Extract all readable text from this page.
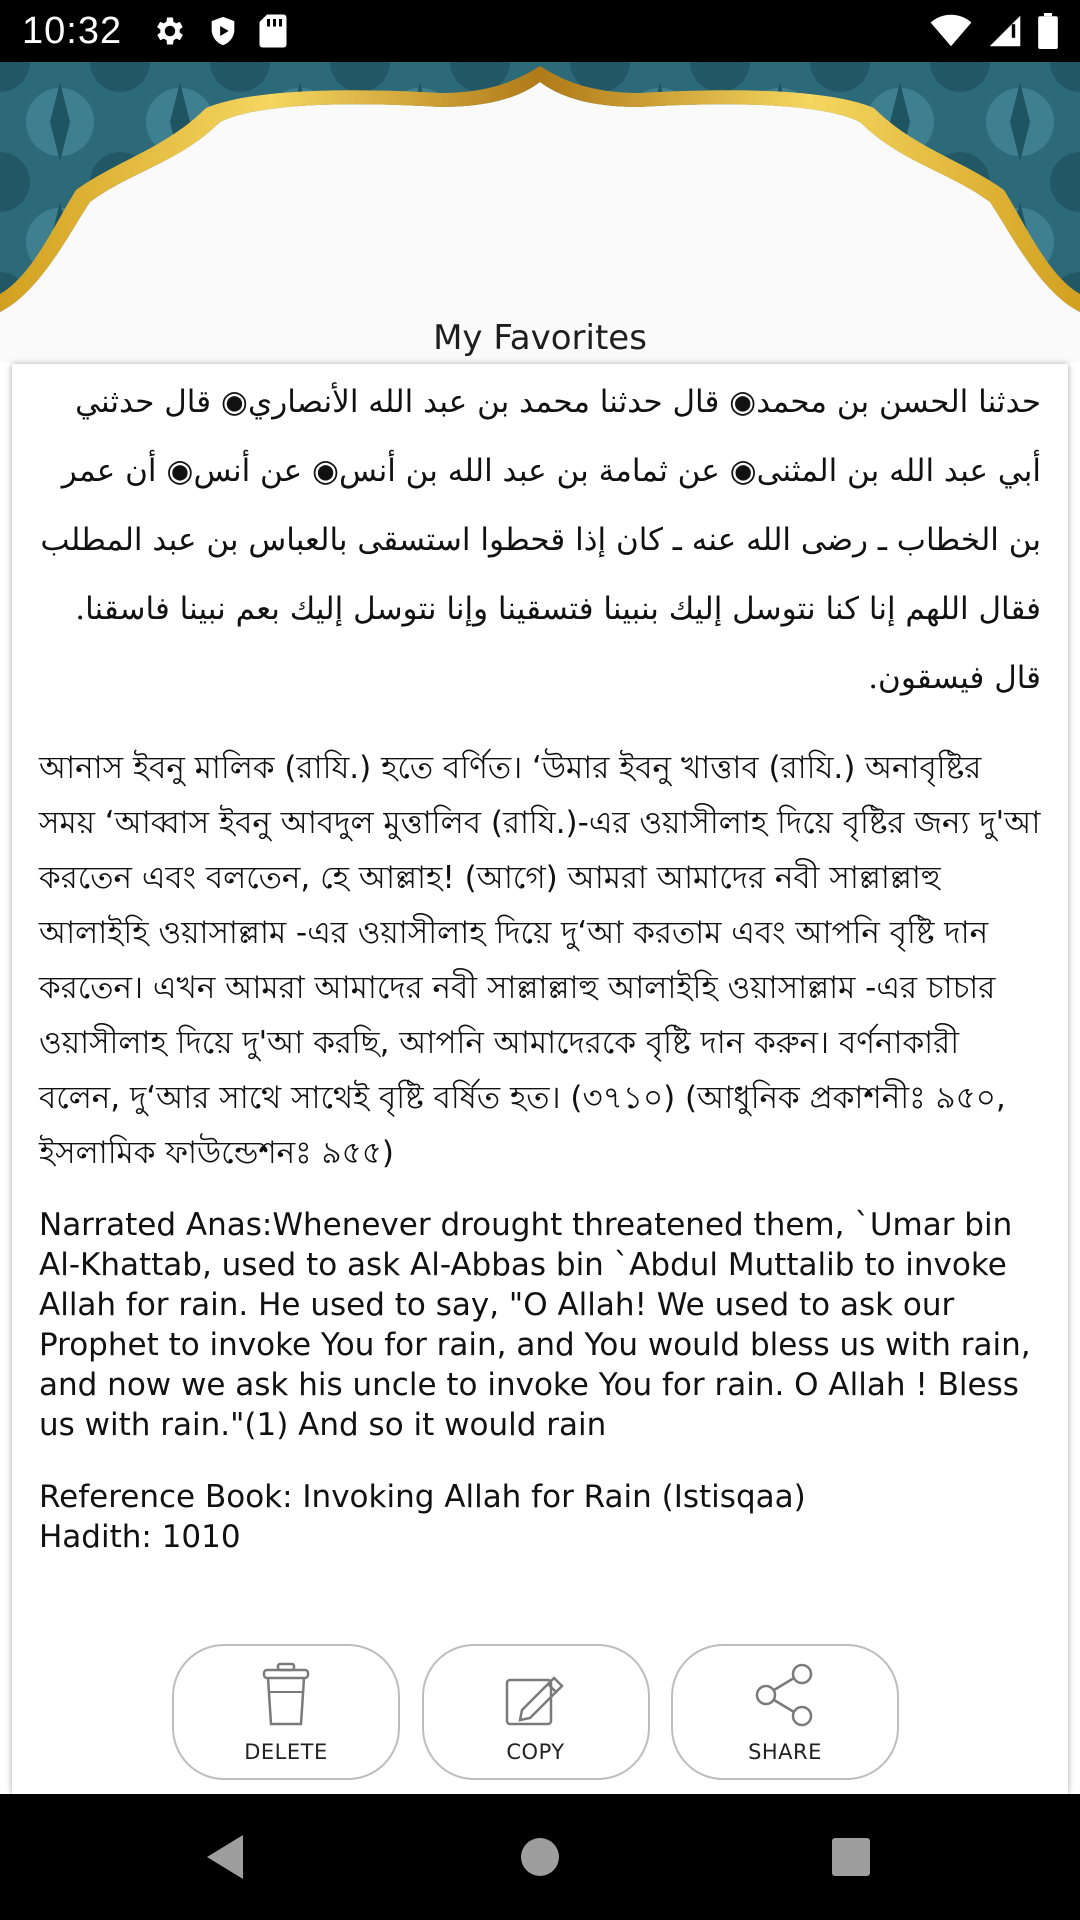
10:32
My Favorites

حدثنا الحسن بن محمد◉ قال حدثنا محمد بن عبد الله الأنصاري◉ قال حدثني أبي عبد الله بن المثنى◉ عن ثمامة بن عبد الله بن أنس◉ عن أنس◉ أن عمر بن الخطاب ـ رضى الله عنه ـ كان إذا قحطوا استسقى بالعباس بن عبد المطلب فقال اللهم إنا كنا نتوسل إليك بنبينا فتسقينا وإنا نتوسل إليك بعم نبينا فاسقنا. قال فيسقون.

আনাস ইবনু মালিক (রাযি.) হতে বর্ণিত। ‘উমার ইবনু খাত্তাব (রাযি.) অনাবৃষ্টির সময় ‘আব্বাস ইবনু আবদুল মুত্তালিব (রাযি.)-এর ওয়াসীলাহ দিয়ে বৃষ্টির জন্য দু'আ করতেন এবং বলতেন, হে আল্লাহ! (আগে) আমরা আমাদের নবী সাল্লাল্লাহু আলাইহি ওয়াসাল্লাম -এর ওয়াসীলাহ দিয়ে দু‘আ করতাম এবং আপনি বৃষ্টি দান করতেন। এখন আমরা আমাদের নবী সাল্লাল্লাহু আলাইহি ওয়াসাল্লাম -এর চাচার ওয়াসীলাহ দিয়ে দু'আ করছি, আপনি আমাদেরকে বৃষ্টি দান করুন। বর্ণনাকারী বলেন, দু‘আর সাথে সাথেই বৃষ্টি বর্ষিত হত। (৩৭১০) (আধুনিক প্রকাশনীঃ ৯৫০, ইসলামিক ফাউন্ডেশনঃ ৯৫৫)

Narrated Anas:Whenever drought threatened them, `Umar bin Al-Khattab, used to ask Al-Abbas bin `Abdul Muttalib to invoke Allah for rain. He used to say, "O Allah! We used to ask our Prophet to invoke You for rain, and You would bless us with rain, and now we ask his uncle to invoke You for rain. O Allah ! Bless us with rain."(1) And so it would rain

Reference Book: Invoking Allah for Rain (Istisqaa)
Hadith: 1010
DELETE	COPY	SHARE
